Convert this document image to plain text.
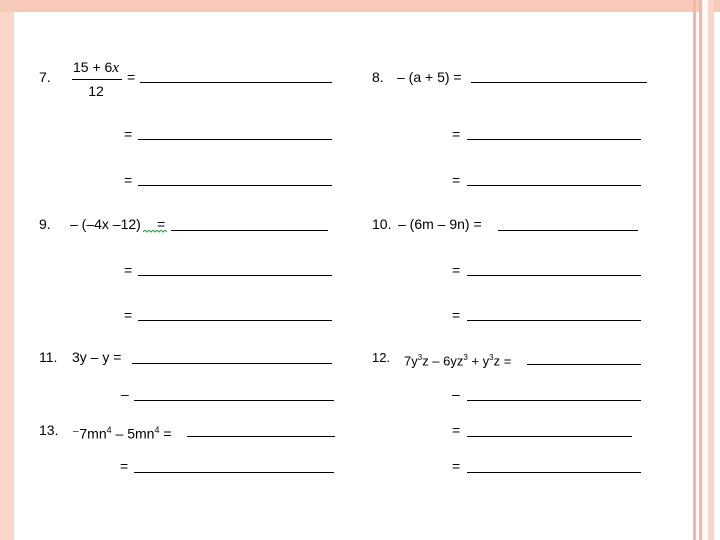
7.
15 + 6x
12
=
=
=
8. – (a + 5) =
=
=
9. – (–4x –12) =
=
=
10. – (6m – 9n) =
=
=
11. 3y – y =
–
12. $7y^3z - 6yz^3 + y^3z$ =
–
=
13. $^-7mn^4 - 5mn^4$ =
=	=
